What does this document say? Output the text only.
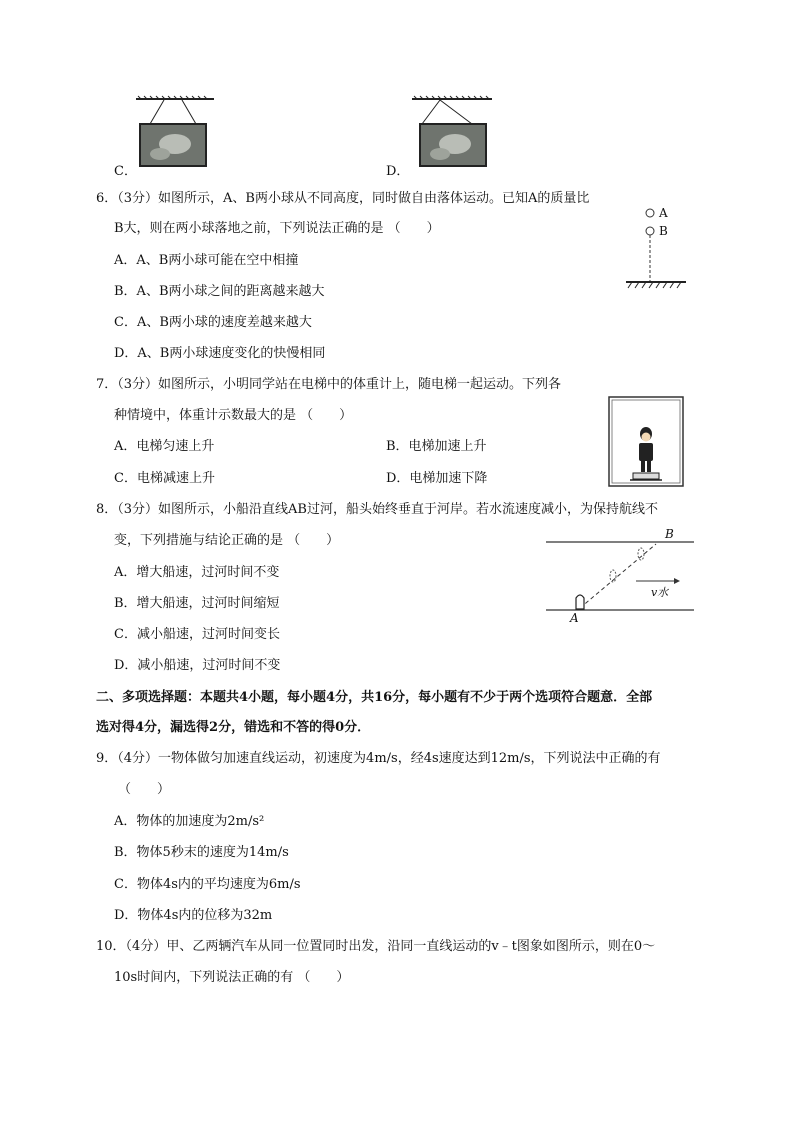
C．	D．
6．（3分）如图所示，A、B两小球从不同高度，同时做自由落体运动。已知A的质量比
B大，则在两小球落地之前，下列说法正确的是 （　　）
A．A、B两小球可能在空中相撞
B．A、B两小球之间的距离越来越大
C．A、B两小球的速度差越来越大
D．A、B两小球速度变化的快慢相同
A
B
7．（3分）如图所示，小明同学站在电梯中的体重计上，随电梯一起运动。下列各
种情境中，体重计示数最大的是 （　　）
A．电梯匀速上升	B．电梯加速上升
C．电梯减速上升	D．电梯加速下降
8．（3分）如图所示，小船沿直线AB过河，船头始终垂直于河岸。若水流速度减小，为保持航线不
变，下列措施与结论正确的是 （　　）
A．增大船速，过河时间不变
B．增大船速，过河时间缩短
C．减小船速，过河时间变长
D．减小船速，过河时间不变
B
A
v水
二、多项选择题：本题共4小题，每小题4分，共16分，每小题有不少于两个选项符合题意．全部
选对得4分，漏选得2分，错选和不答的得0分．
9．（4分）一物体做匀加速直线运动，初速度为4m/s，经4s速度达到12m/s，下列说法中正确的有
（　　）
A．物体的加速度为2m/s²
B．物体5秒末的速度为14m/s
C．物体4s内的平均速度为6m/s
D．物体4s内的位移为32m
10．（4分）甲、乙两辆汽车从同一位置同时出发，沿同一直线运动的v﹣t图象如图所示，则在0～
10s时间内，下列说法正确的有 （　　）
